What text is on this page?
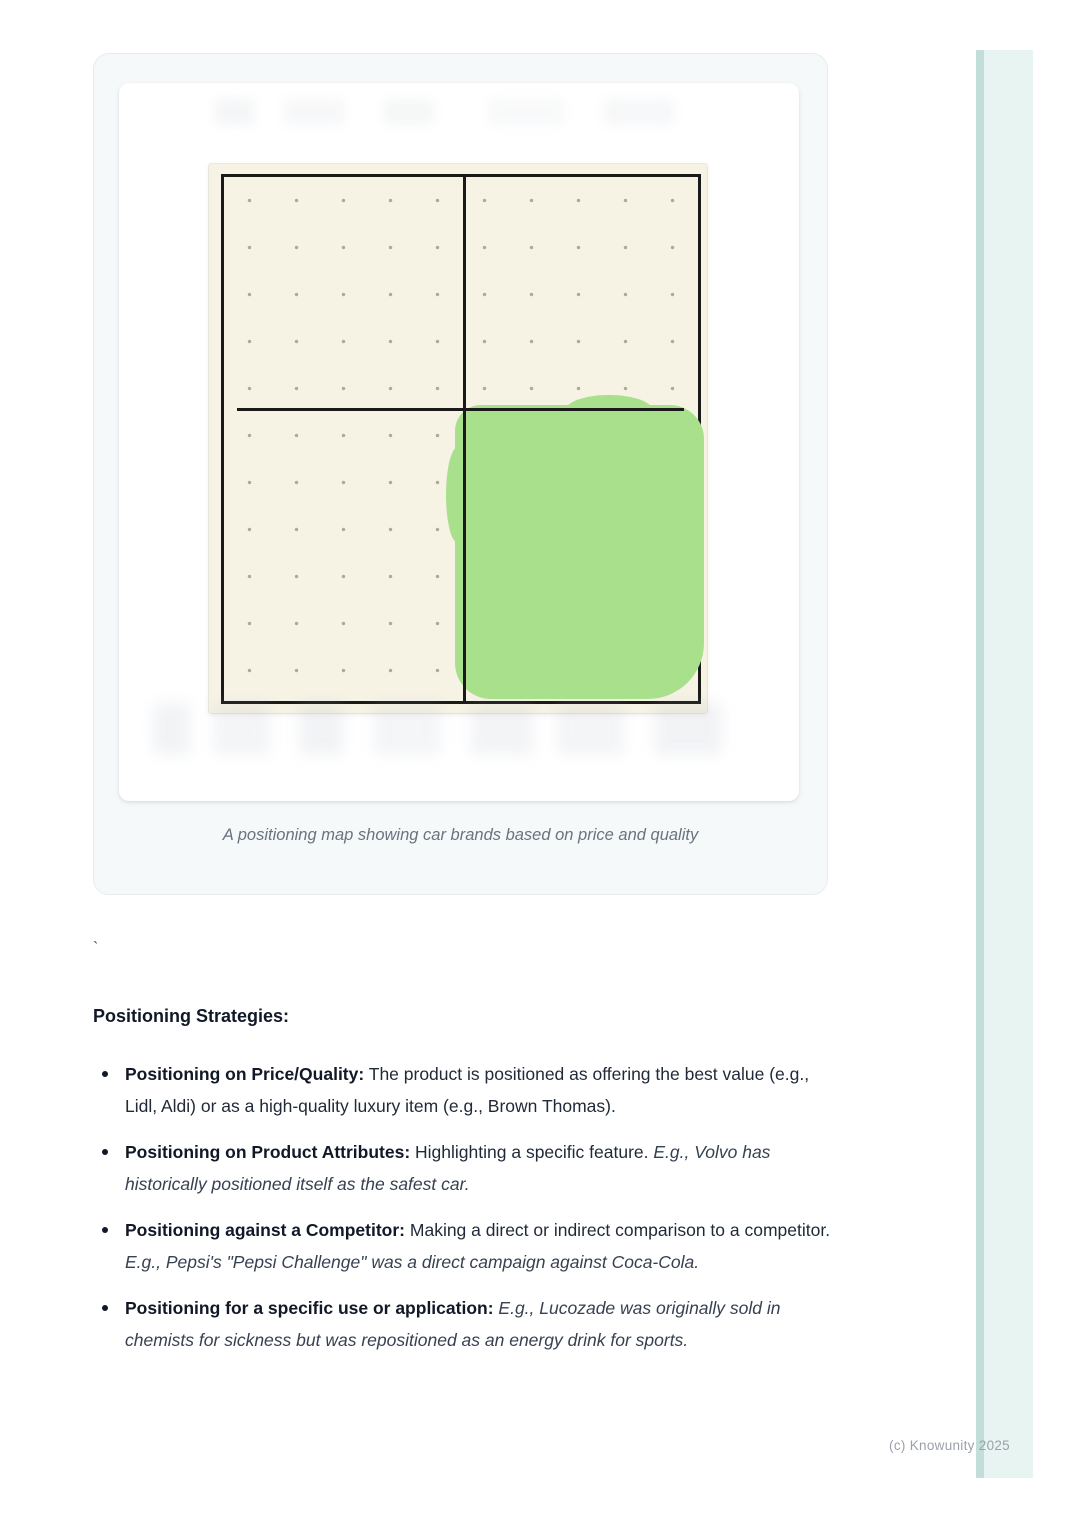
A positioning map showing car brands based on price and quality

`
Positioning Strategies:
Positioning on Price/Quality: The product is positioned as offering the best value (e.g., Lidl, Aldi) or as a high-quality luxury item (e.g., Brown Thomas).
Positioning on Product Attributes: Highlighting a specific feature. E.g., Volvo has historically positioned itself as the safest car.
Positioning against a Competitor: Making a direct or indirect comparison to a competitor. E.g., Pepsi's "Pepsi Challenge" was a direct campaign against Coca-Cola.
Positioning for a specific use or application: E.g., Lucozade was originally sold in chemists for sickness but was repositioned as an energy drink for sports.
(c) Knowunity 2025
